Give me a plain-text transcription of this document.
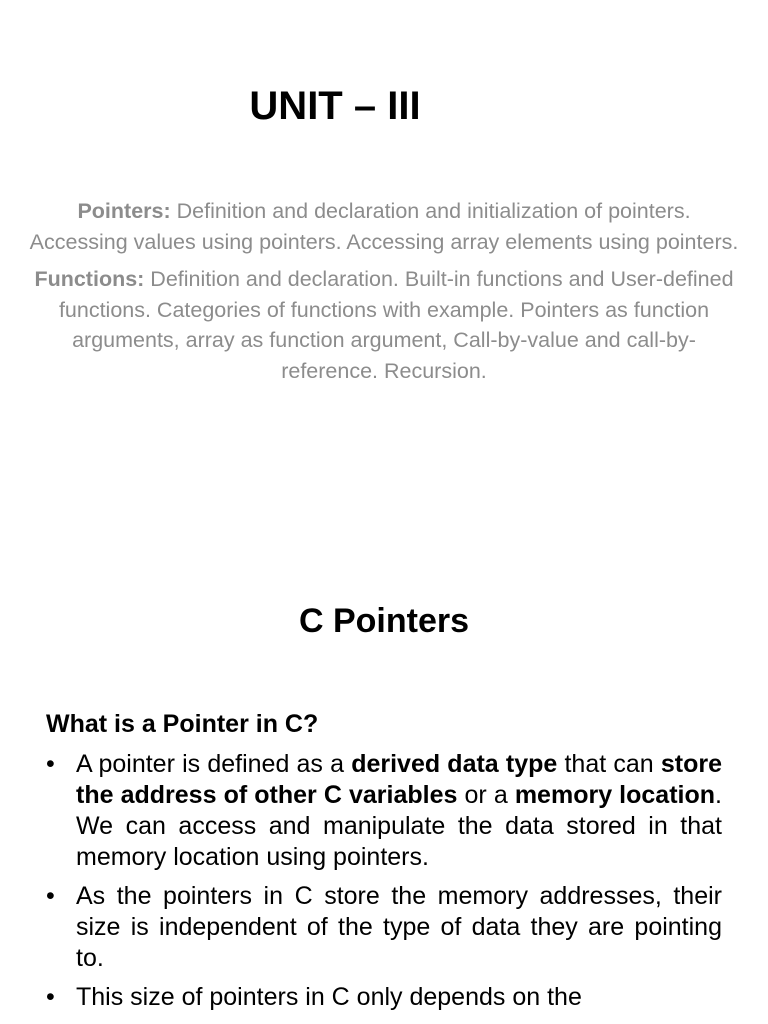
UNIT – III

Pointers: Definition and declaration and initialization of pointers. Accessing values using pointers. Accessing array elements using pointers.

Functions: Definition and declaration. Built-in functions and User-defined functions. Categories of functions with example. Pointers as function arguments, array as function argument, Call-by-value and call-by-reference. Recursion.

C Pointers
What is a Pointer in C?
• A pointer is defined as a derived data type that can store the address of other C variables or a memory location. We can access and manipulate the data stored in that memory location using pointers.
• As the pointers in C store the memory addresses, their size is independent of the type of data they are pointing to.
• This size of pointers in C only depends on the
